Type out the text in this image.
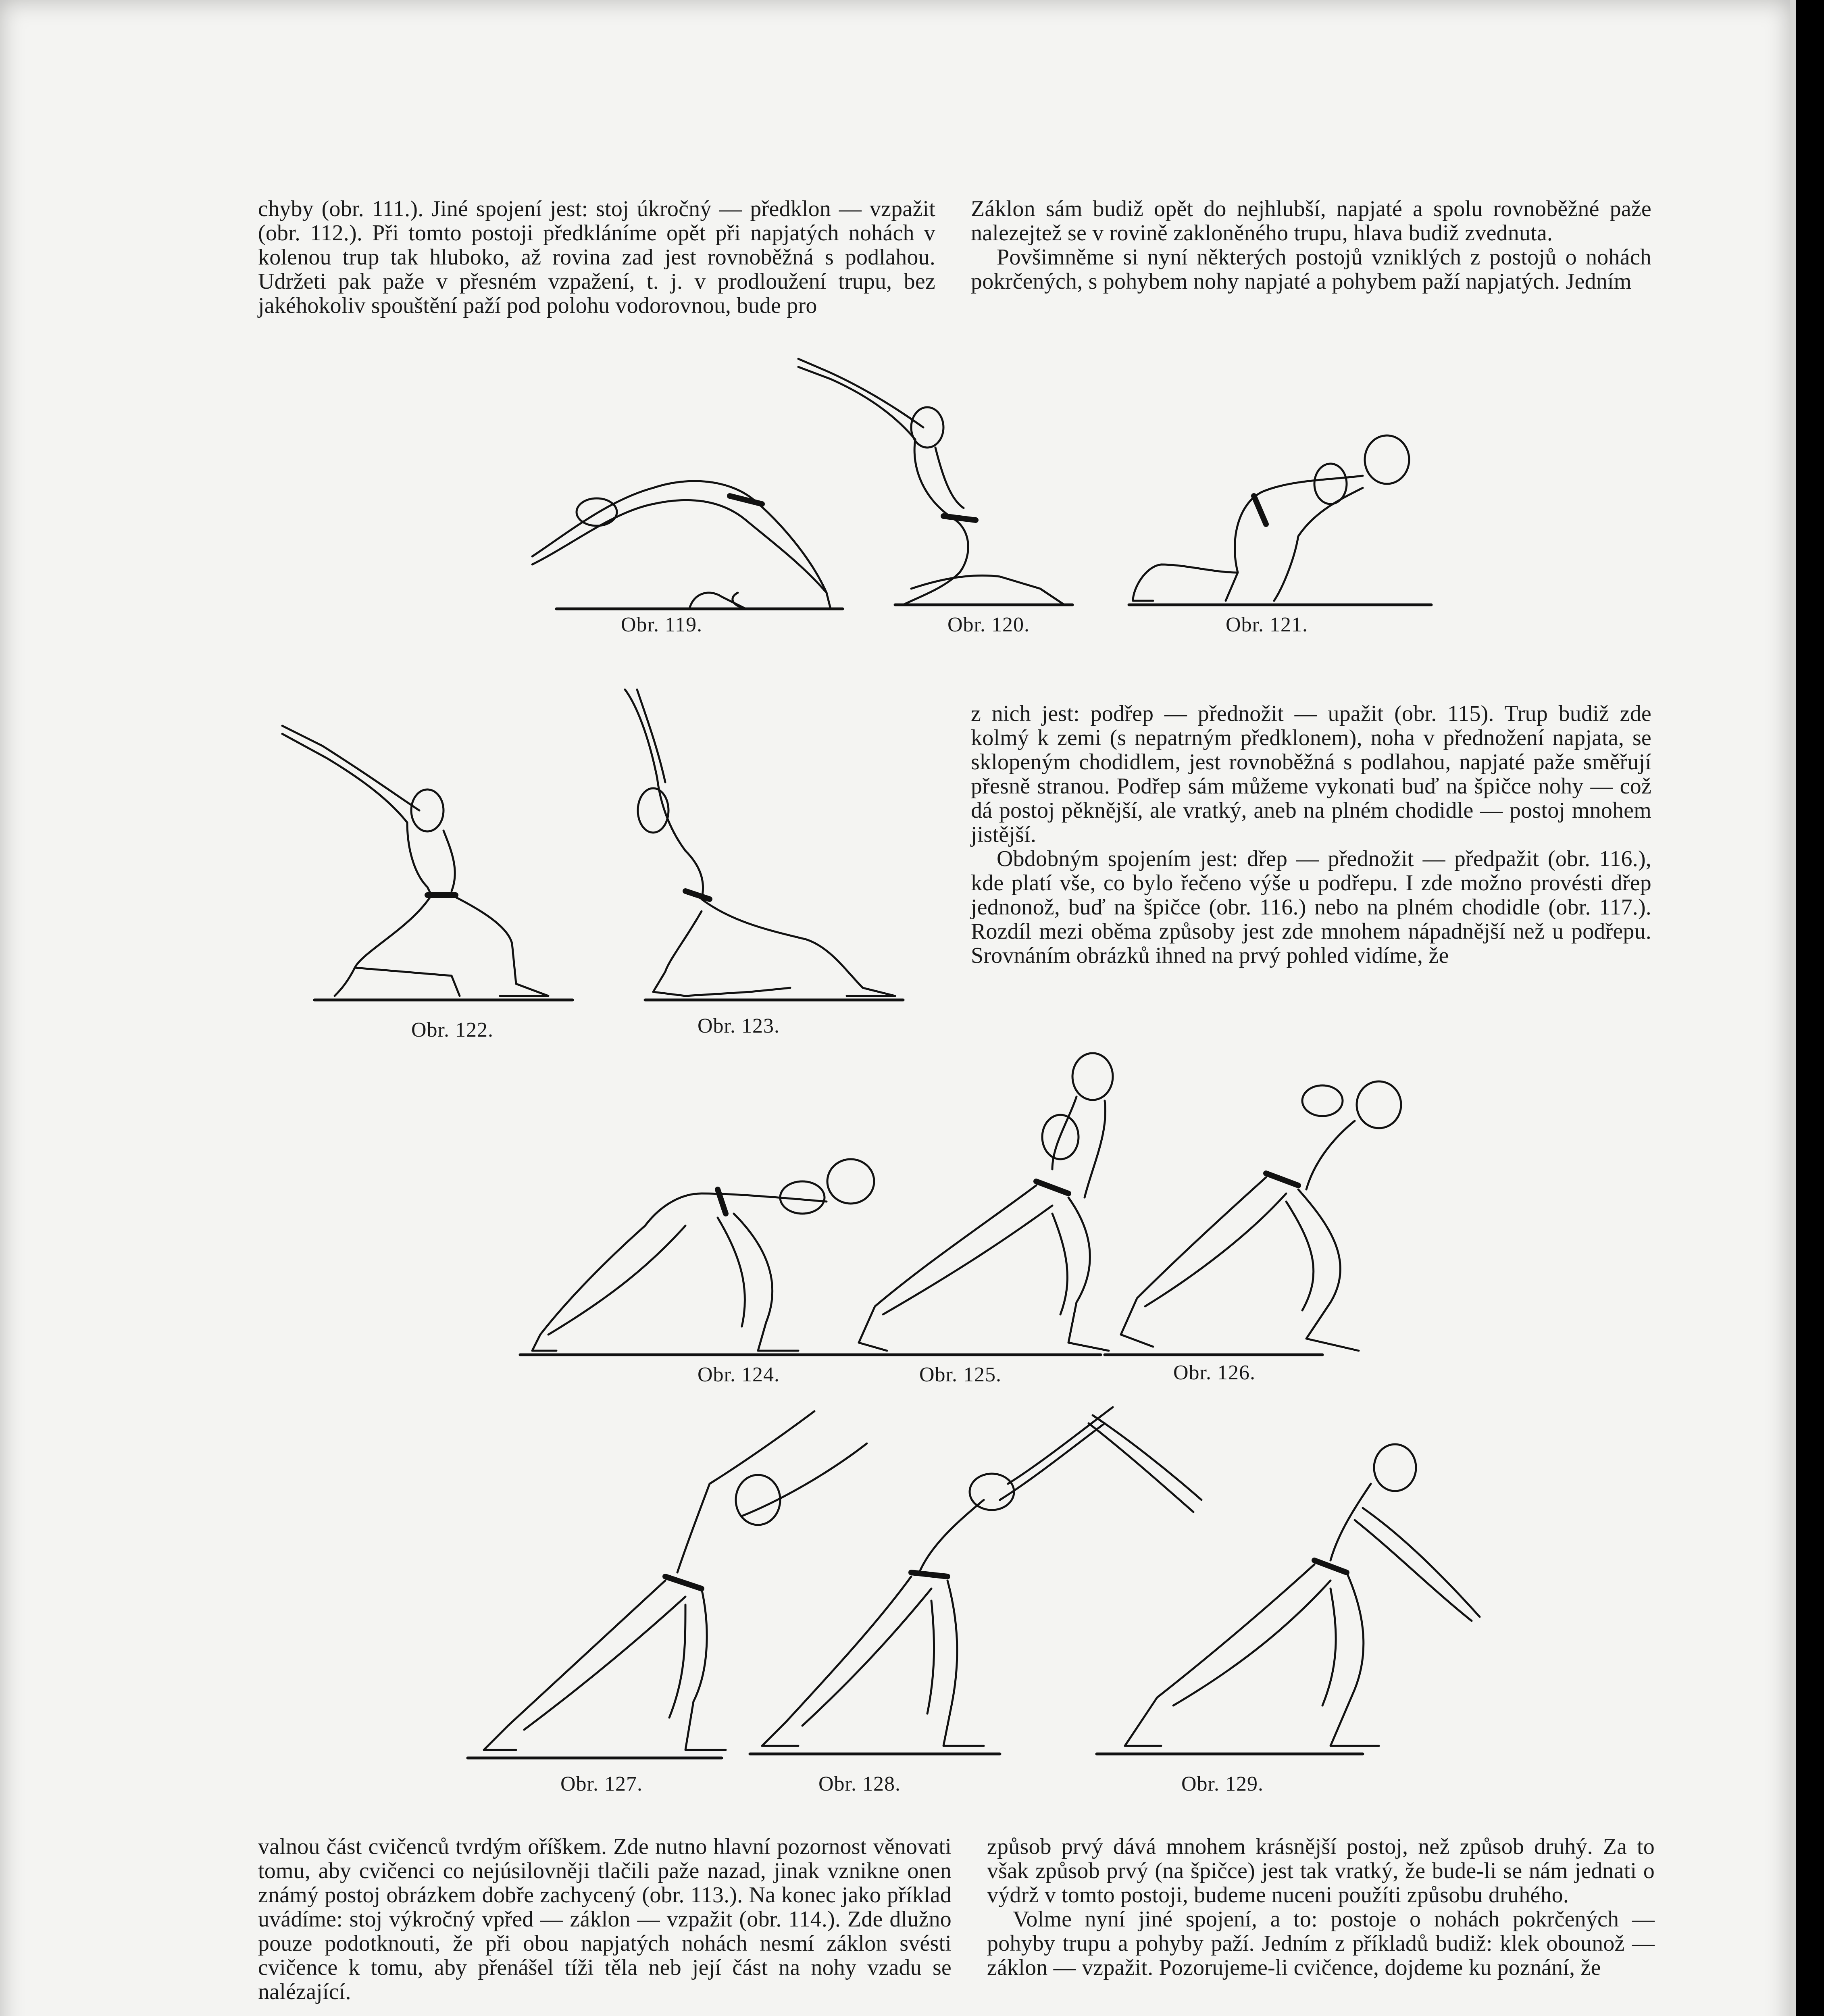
chyby (obr. 111.). Jiné spojení jest: stoj úkročný — předklon — vzpažit (obr. 112.). Při tomto postoji předkláníme opět při napjatých nohách v kolenou trup tak hluboko, až rovina zad jest rovnoběžná s podlahou. Udržeti pak paže v přesném vzpažení, t. j. v prodloužení trupu, bez jakéhokoliv spouštění paží pod polohu vodorovnou, bude pro

Záklon sám budiž opět do nejhlubší, napjaté a spolu rovnoběžné paže nalezejtež se v rovině zakloněného trupu, hlava budiž zvednuta.

Povšimněme si nyní některých postojů vzniklých z postojů o nohách pokrčených, s pohybem nohy napjaté a pohybem paží napjatých. Jedním

Obr. 119.	Obr. 120.	Obr. 121.
Obr. 122.	Obr. 123.

z nich jest: podřep — přednožit — upažit (obr. 115). Trup budiž zde kolmý k zemi (s nepatrným předklonem), noha v přednožení napjata, se sklopeným chodidlem, jest rovnoběžná s podlahou, napjaté paže směřují přesně stranou. Podřep sám můžeme vykonati buď na špičce nohy — což dá postoj pěknější, ale vratký, aneb na plném chodidle — postoj mnohem jistější.

Obdobným spojením jest: dřep — přednožit — předpažit (obr. 116.), kde platí vše, co bylo řečeno výše u podřepu. I zde možno provésti dřep jednonož, buď na špičce (obr. 116.) nebo na plném chodidle (obr. 117.). Rozdíl mezi oběma způsoby jest zde mnohem nápadnější než u podřepu. Srovnáním obrázků ihned na prvý pohled vidíme, že

Obr. 124.	Obr. 125.	Obr. 126.
Obr. 127.	Obr. 128.	Obr. 129.

valnou část cvičenců tvrdým oříškem. Zde nutno hlavní pozornost věnovati tomu, aby cvičenci co nejúsilovněji tlačili paže nazad, jinak vznikne onen známý postoj obrázkem dobře zachycený (obr. 113.). Na konec jako příklad uvádíme: stoj výkročný vpřed — záklon — vzpažit (obr. 114.). Zde dlužno pouze podotknouti, že při obou napjatých nohách nesmí záklon svésti cvičence k tomu, aby přenášel tíži těla neb její část na nohy vzadu se nalézající.

způsob prvý dává mnohem krásnější postoj, než způsob druhý. Za to však způsob prvý (na špičce) jest tak vratký, že bude-li se nám jednati o výdrž v tomto postoji, budeme nuceni použíti způsobu druhého.

Volme nyní jiné spojení, a to: postoje o nohách pokrčených — pohyby trupu a pohyby paží. Jedním z příkladů budiž: klek obounož — záklon — vzpažit. Pozorujeme-li cvičence, dojdeme ku poznání, že
